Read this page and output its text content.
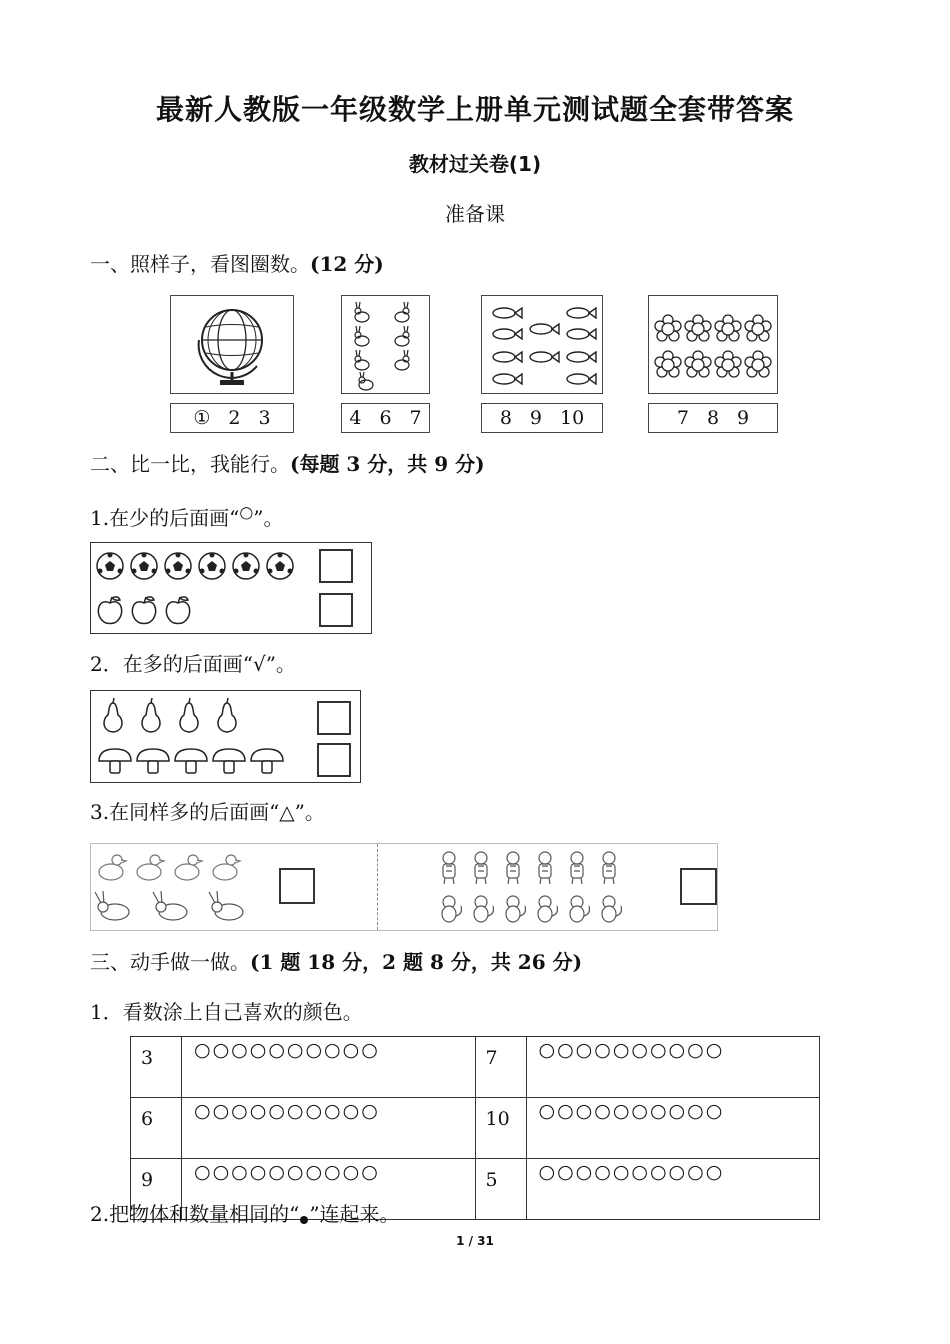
最新人教版一年级数学上册单元测试题全套带答案
教材过关卷(1)
准备课
一、照样子，看图圈数。(12 分)
① 2 3	4 6 7	8 9 10	7 8 9
二、比一比，我能行。(每题 3 分，共 9 分)
1.在少的后面画“○”。
2．在多的后面画“√”。
3.在同样多的后面画“△”。
三、动手做一做。(1 题 18 分，2 题 8 分，共 26 分)
1．看数涂上自己喜欢的颜色。
3	○○○○○○○○○○	7	○○○○○○○○○○
6	○○○○○○○○○○	10	○○○○○○○○○○
9	○○○○○○○○○○	5	○○○○○○○○○○
2.把物体和数量相同的“ ”连起来。
1 / 31
